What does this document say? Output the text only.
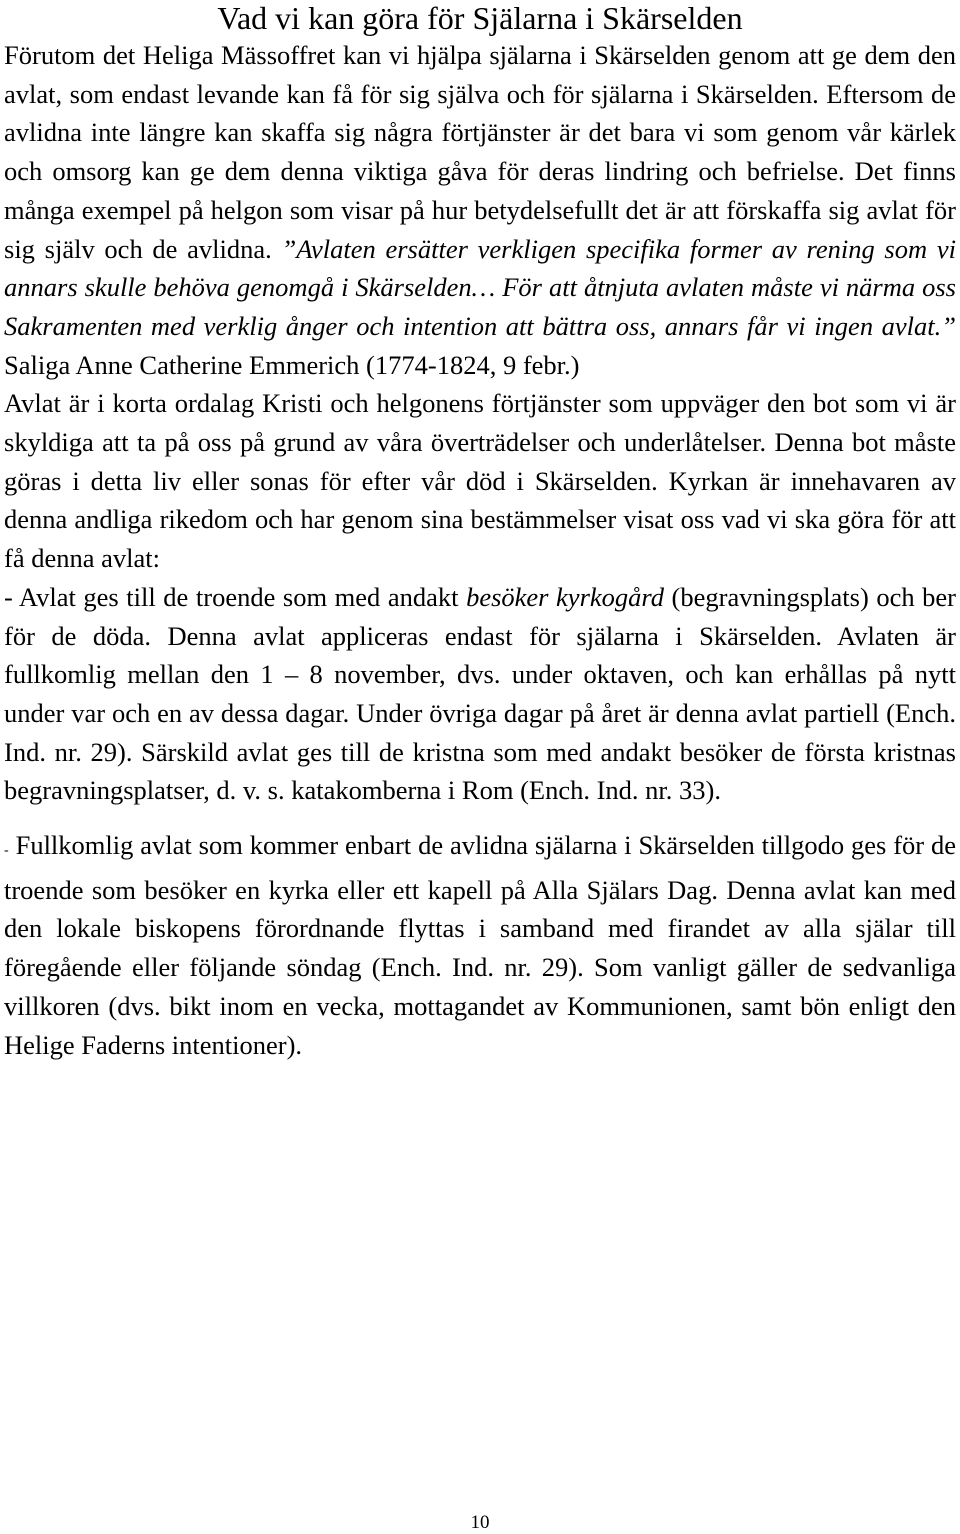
Vad vi kan göra för Själarna i Skärselden

Förutom det Heliga Mässoffret kan vi hjälpa själarna i Skärselden genom att ge dem den avlat, som endast levande kan få för sig själva och för själarna i Skärselden. Eftersom de avlidna inte längre kan skaffa sig några förtjänster är det bara vi som genom vår kärlek och omsorg kan ge dem denna viktiga gåva för deras lindring och befrielse. Det finns många exempel på helgon som visar på hur betydelsefullt det är att förskaffa sig avlat för sig själv och de avlidna. ”Avlaten ersätter verkligen specifika former av rening som vi annars skulle behöva genomgå i Skärselden… För att åtnjuta avlaten måste vi närma oss Sakramenten med verklig ånger och intention att bättra oss, annars får vi ingen avlat.” Saliga Anne Catherine Emmerich (1774-1824, 9 febr.)

Avlat är i korta ordalag Kristi och helgonens förtjänster som uppväger den bot som vi är skyldiga att ta på oss på grund av våra överträdelser och underlåtelser. Denna bot måste göras i detta liv eller sonas för efter vår död i Skärselden. Kyrkan är innehavaren av denna andliga rikedom och har genom sina bestämmelser visat oss vad vi ska göra för att få denna avlat:

- Avlat ges till de troende som med andakt besöker kyrkogård (begravningsplats) och ber för de döda. Denna avlat appliceras endast för själarna i Skärselden. Avlaten är fullkomlig mellan den 1 – 8 november, dvs. under oktaven, och kan erhållas på nytt under var och en av dessa dagar. Under övriga dagar på året är denna avlat partiell (Ench. Ind. nr. 29). Särskild avlat ges till de kristna som med andakt besöker de första kristnas begravningsplatser, d. v. s. katakomberna i Rom (Ench. Ind. nr. 33).

- Fullkomlig avlat som kommer enbart de avlidna själarna i Skärselden tillgodo ges för de troende som besöker en kyrka eller ett kapell på Alla Själars Dag. Denna avlat kan med den lokale biskopens förordnande flyttas i samband med firandet av alla själar till föregående eller följande söndag (Ench. Ind. nr. 29). Som vanligt gäller de sedvanliga villkoren (dvs. bikt inom en vecka, mottagandet av Kommunionen, samt bön enligt den Helige Faderns intentioner).

10
